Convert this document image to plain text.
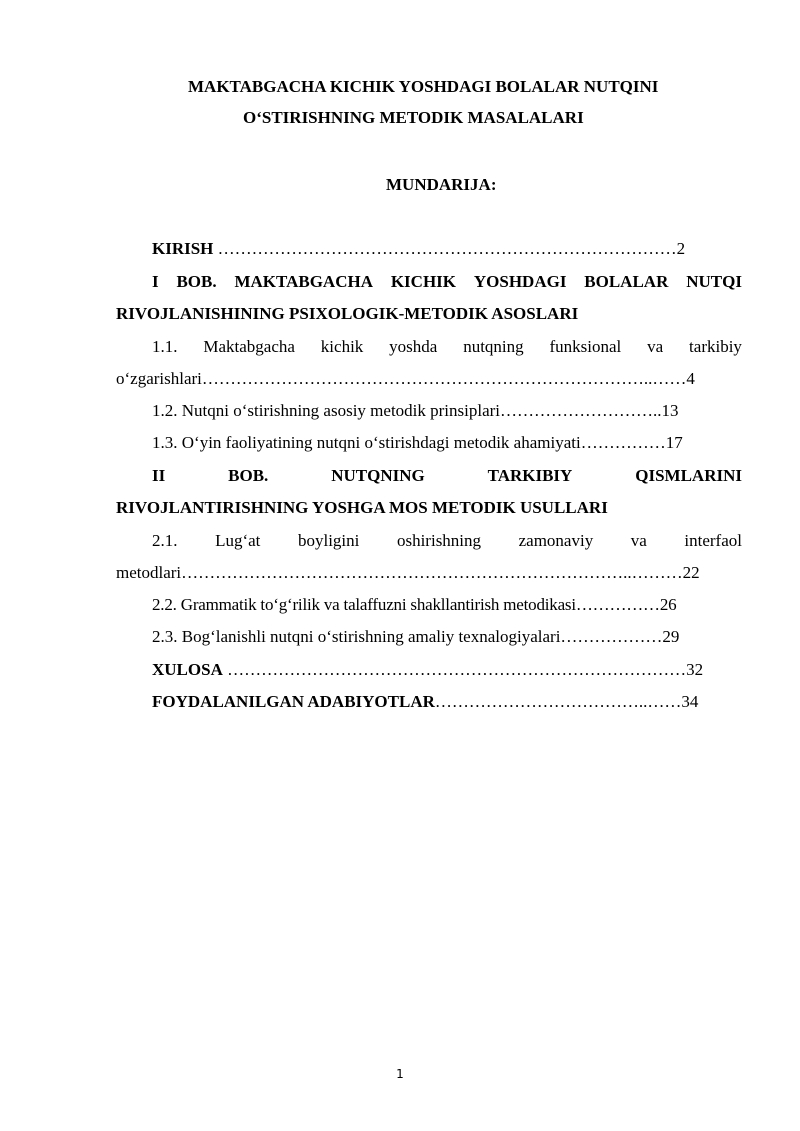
MAKTABGACHA KICHIK YOSHDAGI BOLALAR NUTQINI
O‘STIRISHNING METODIK MASALALARI
MUNDARIJA:
KIRISH ………………………………………………………………………2
I BOB. MAKTABGACHA KICHIK YOSHDAGI BOLALAR NUTQI
RIVOJLANISHINING PSIXOLOGIK-METODIK ASOSLARI
1.1. Maktabgacha kichik yoshda nutqning funksional va tarkibiy
o‘zgarishlari……………………………………………………………………..……4
1.2. Nutqni o‘stirishning asosiy metodik prinsiplari………………………..13
1.3. O‘yin faoliyatining nutqni o‘stirishdagi metodik ahamiyati……………17
II	BOB.	NUTQNING	TARKIBIY	QISMLARINI
RIVOJLANTIRISHNING YOSHGA MOS METODIK USULLARI
2.1. Lug‘at boyligini oshirishning zamonaviy va interfaol
metodlari……………………………………………………………………..………22
2.2. Grammatik to‘g‘rilik va talaffuzni shakllantirish metodikasi……………26
2.3. Bog‘lanishli nutqni o‘stirishning amaliy texnalogiyalari………………29
XULOSA ………………………………………………………………………32
FOYDALANILGAN ADABIYOTLAR………………………………..……34
1
